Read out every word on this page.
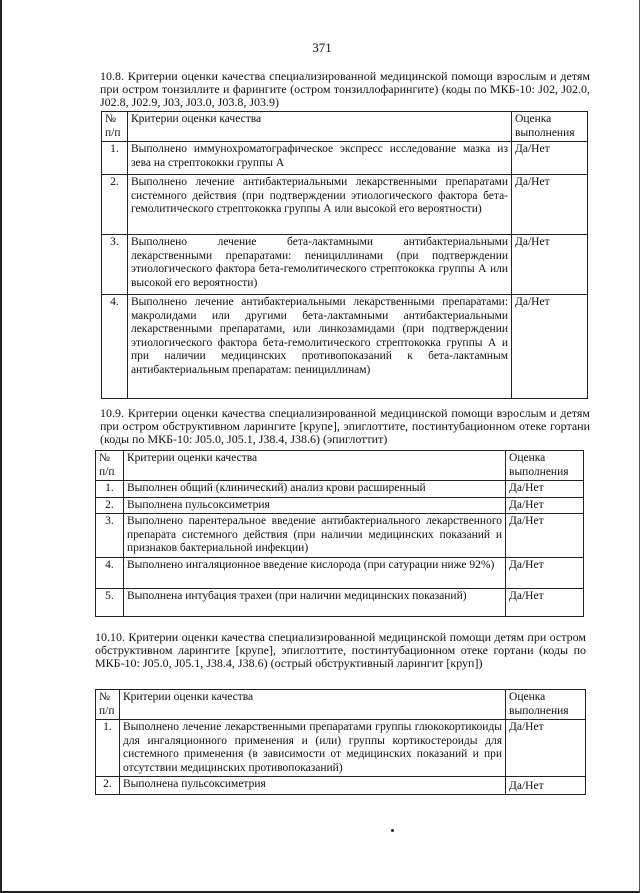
371
10.8. Критерии оценки качества специализированной медицинской помощи взрослым и детям при остром тонзиллите и фарингите (остром тонзиллофарингите) (коды по МКБ-10: J02, J02.0, J02.8, J02.9, J03, J03.0, J03.8, J03.9)
№ п/п	Критерии оценки качества	Оценка выполнения
1.	Выполнено иммунохроматографическое экспресс исследование мазка из зева на стрептококки группы А	Да/Нет
2.	Выполнено лечение антибактериальными лекарственными препаратами системного действия (при подтверждении этиологического фактора бета-гемолитического стрептококка группы А или высокой его вероятности)	Да/Нет
3.	Выполнено лечение бета-лактамными антибактериальными лекарственными препаратами: пенициллинами (при подтверждении этиологического фактора бета-гемолитического стрептококка группы А или высокой его вероятности)	Да/Нет
4.	Выполнено лечение антибактериальными лекарственными препаратами: макролидами или другими бета-лактамными антибактериальными лекарственными препаратами, или линкозамидами (при подтверждении этиологического фактора бета-гемолитического стрептококка группы А и при наличии медицинских противопоказаний к бета-лактамным антибактериальным препаратам: пенициллинам)	Да/Нет
10.9. Критерии оценки качества специализированной медицинской помощи взрослым и детям при остром обструктивном ларингите [крупе], эпиглоттите, постинтубационном отеке гортани (коды по МКБ-10: J05.0, J05.1, J38.4, J38.6) (эпиглоттит)
№ п/п	Критерии оценки качества	Оценка выполнения
1.	Выполнен общий (клинический) анализ крови расширенный	Да/Нет
2.	Выполнена пульсоксиметрия	Да/Нет
3.	Выполнено парентеральное введение антибактериального лекарственного препарата системного действия (при наличии медицинских показаний и признаков бактериальной инфекции)	Да/Нет
4.	Выполнено ингаляционное введение кислорода (при сатурации ниже 92%)	Да/Нет
5.	Выполнена интубация трахеи (при наличии медицинских показаний)	Да/Нет
10.10. Критерии оценки качества специализированной медицинской помощи детям при остром обструктивном ларингите [крупе], эпиглоттите, постинтубационном отеке гортани (коды по МКБ-10: J05.0, J05.1, J38.4, J38.6) (острый обструктивный ларингит [круп])
№ п/п	Критерии оценки качества	Оценка выполнения
1.	Выполнено лечение лекарственными препаратами группы глюкокортикоиды для ингаляционного применения и (или) группы кортикостероиды для системного применения (в зависимости от медицинских показаний и при отсутствии медицинских противопоказаний)	Да/Нет
2.	Выполнена пульсоксиметрия	Да/Нет
